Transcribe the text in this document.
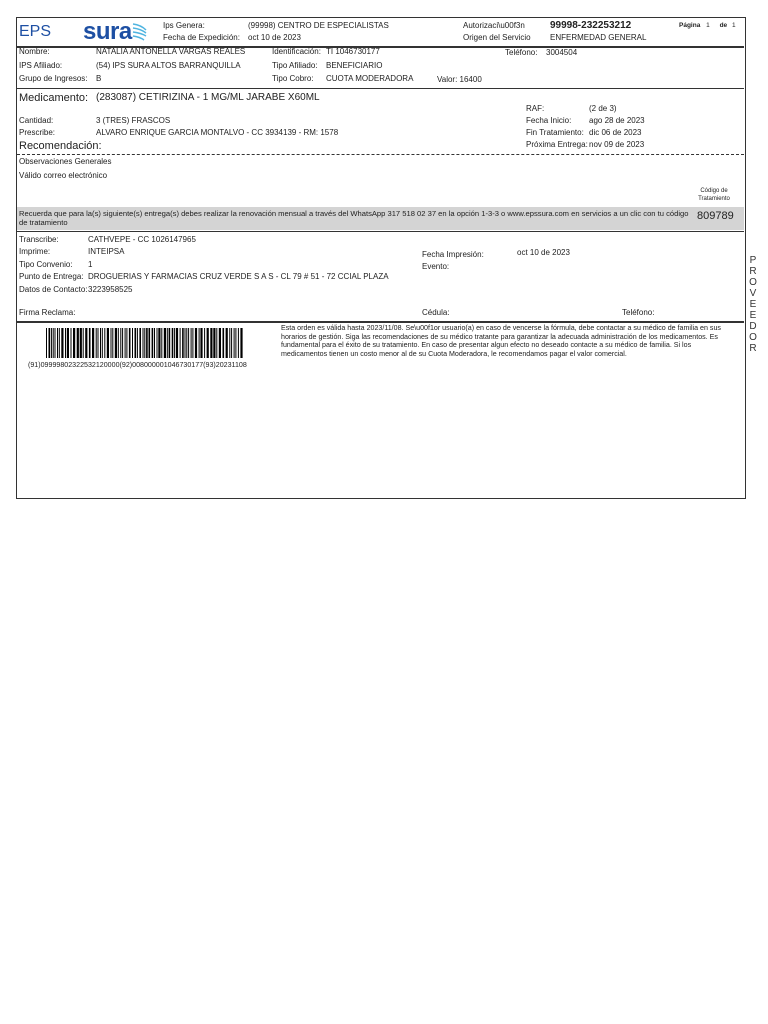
EPS sura	Ips Genera:	(99998) CENTRO DE ESPECIALISTAS
Fecha de Expedición: oct 10 de 2023
Autorizaci\u00f3n	99998-232253212
Origen del Servicio ENFERMEDAD GENERAL
Página 1 de 1
Nombre:	NATALIA ANTONELLA VARGAS REALES	Identificación: TI 1046730177	Teléfono: 3004504
IPS Afiliado:	(54) IPS SURA ALTOS BARRANQUILLA	Tipo Afiliado: BENEFICIARIO
Grupo de Ingresos: B	Tipo Cobro: CUOTA MODERADORA	Valor: 16400
Medicamento: (283087) CETIRIZINA - 1 MG/ML JARABE X60ML
RAF:	(2 de 3)
Cantidad:	3 (TRES) FRASCOS	Fecha Inicio: ago 28 de 2023
Prescribe:	ALVARO ENRIQUE GARCIA MONTALVO - CC 3934139 - RM: 1578	Fin Tratamiento: dic 06 de 2023
Recomendación:	Próxima Entrega: nov 09 de 2023
Observaciones Generales
Válido correo electrónico
Código de
Tratamiento
Recuerda que para la(s) siguiente(s) entrega(s) debes realizar la renovación mensual a través del WhatsApp 317 518 02 37 en la opción 1-3-3 o www.epssura.com en servicios a un clic con tu código de tratamiento
809789
Transcribe:	CATHVEPE - CC 1026147965
Imprime:	INTEIPSA	Fecha Impresión:	oct 10 de 2023
Tipo Convenio: 1	Evento:
Punto de Entrega: DROGUERIAS Y FARMACIAS CRUZ VERDE S A S - CL 79 # 51 - 72 CCIAL PLAZA
Datos de Contacto: 3223958525
Firma Reclama:	Cédula:	Teléfono:
(91)09999802322532120000(92)008000001046730177(93)20231108
Esta orden es válida hasta 2023/11/08. Se\u00f1or usuario(a) en caso de vencerse la fórmula, debe contactar a su médico de familia en sus horarios de gestión. Siga las recomendaciones de su médico tratante para garantizar la adecuada administración de los medicamentos. Es fundamental para el éxito de su tratamiento. En caso de presentar algun efecto no deseado contacte a su médico de familia. Si los medicamentos tienen un costo menor al de su Cuota Moderadora, le recomendamos pagar el valor comercial.
P
R
O
V
E
E
D
O
R
